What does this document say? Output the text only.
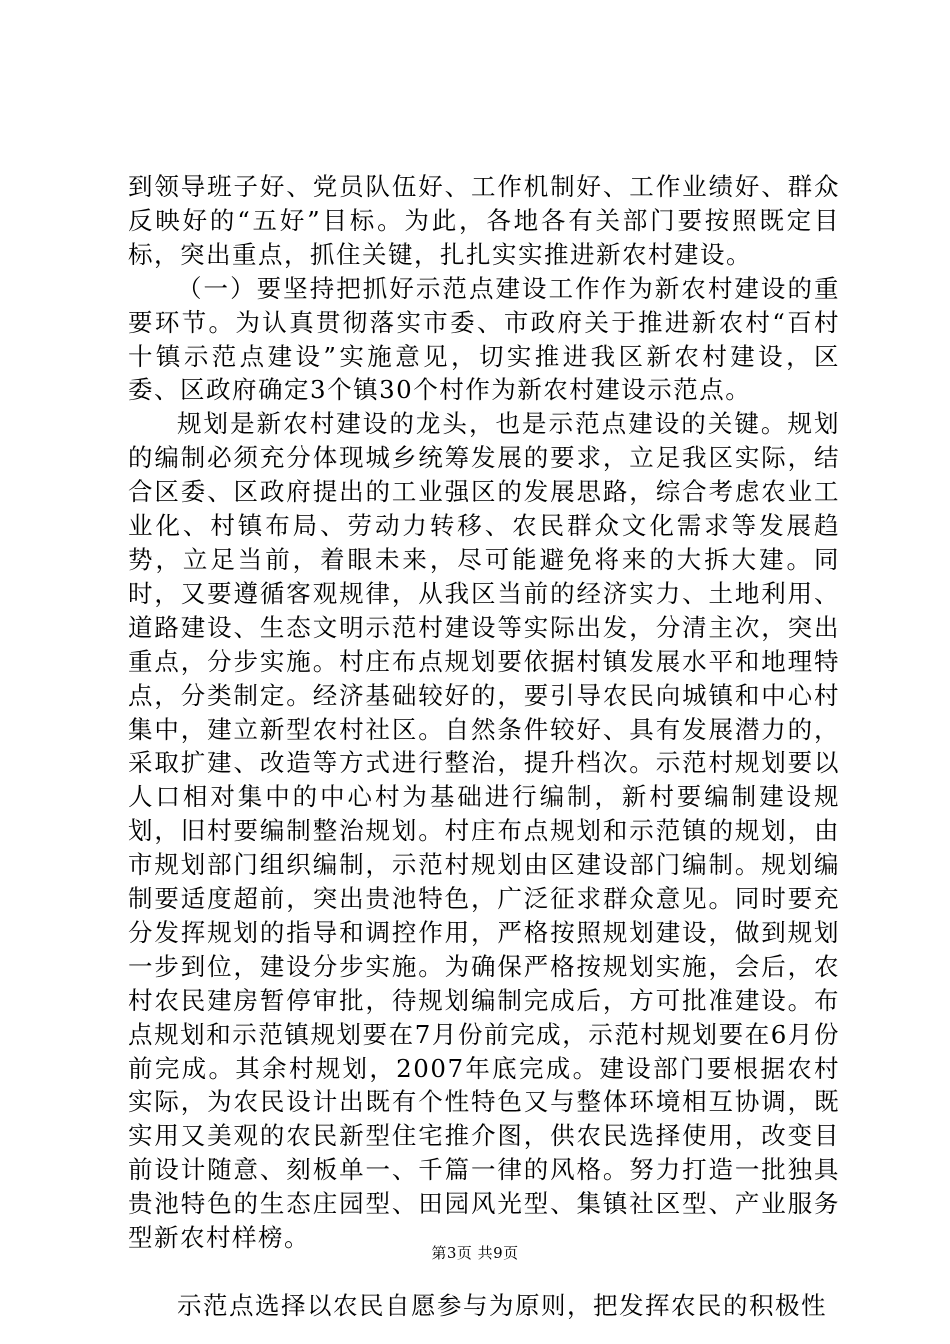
到领导班子好、党员队伍好、工作机制好、工作业绩好、群众反映好的“五好”目标。为此，各地各有关部门要按照既定目标，突出重点，抓住关键，扎扎实实推进新农村建设。

（一）要坚持把抓好示范点建设工作作为新农村建设的重要环节。为认真贯彻落实市委、市政府关于推进新农村“百村十镇示范点建设”实施意见，切实推进我区新农村建设，区委、区政府确定3个镇30个村作为新农村建设示范点。

规划是新农村建设的龙头，也是示范点建设的关键。规划的编制必须充分体现城乡统筹发展的要求，立足我区实际，结合区委、区政府提出的工业强区的发展思路，综合考虑农业工业化、村镇布局、劳动力转移、农民群众文化需求等发展趋势，立足当前，着眼未来，尽可能避免将来的大拆大建。同时，又要遵循客观规律，从我区当前的经济实力、土地利用、道路建设、生态文明示范村建设等实际出发，分清主次，突出重点，分步实施。村庄布点规划要依据村镇发展水平和地理特点，分类制定。经济基础较好的，要引导农民向城镇和中心村集中，建立新型农村社区。自然条件较好、具有发展潜力的，采取扩建、改造等方式进行整治，提升档次。示范村规划要以人口相对集中的中心村为基础进行编制，新村要编制建设规划，旧村要编制整治规划。村庄布点规划和示范镇的规划，由市规划部门组织编制，示范村规划由区建设部门编制。规划编制要适度超前，突出贵池特色，广泛征求群众意见。同时要充分发挥规划的指导和调控作用，严格按照规划建设，做到规划一步到位，建设分步实施。为确保严格按规划实施，会后，农村农民建房暂停审批，待规划编制完成后，方可批准建设。布点规划和示范镇规划要在7月份前完成，示范村规划要在6月份前完成。其余村规划，2007年底完成。建设部门要根据农村实际，为农民设计出既有个性特色又与整体环境相互协调，既实用又美观的农民新型住宅推介图，供农民选择使用，改变目前设计随意、刻板单一、千篇一律的风格。努力打造一批独具贵池特色的生态庄园型、田园风光型、集镇社区型、产业服务型新农村样榜。

示范点选择以农民自愿参与为原则，把发挥农民的积极性

第3页 共9页
